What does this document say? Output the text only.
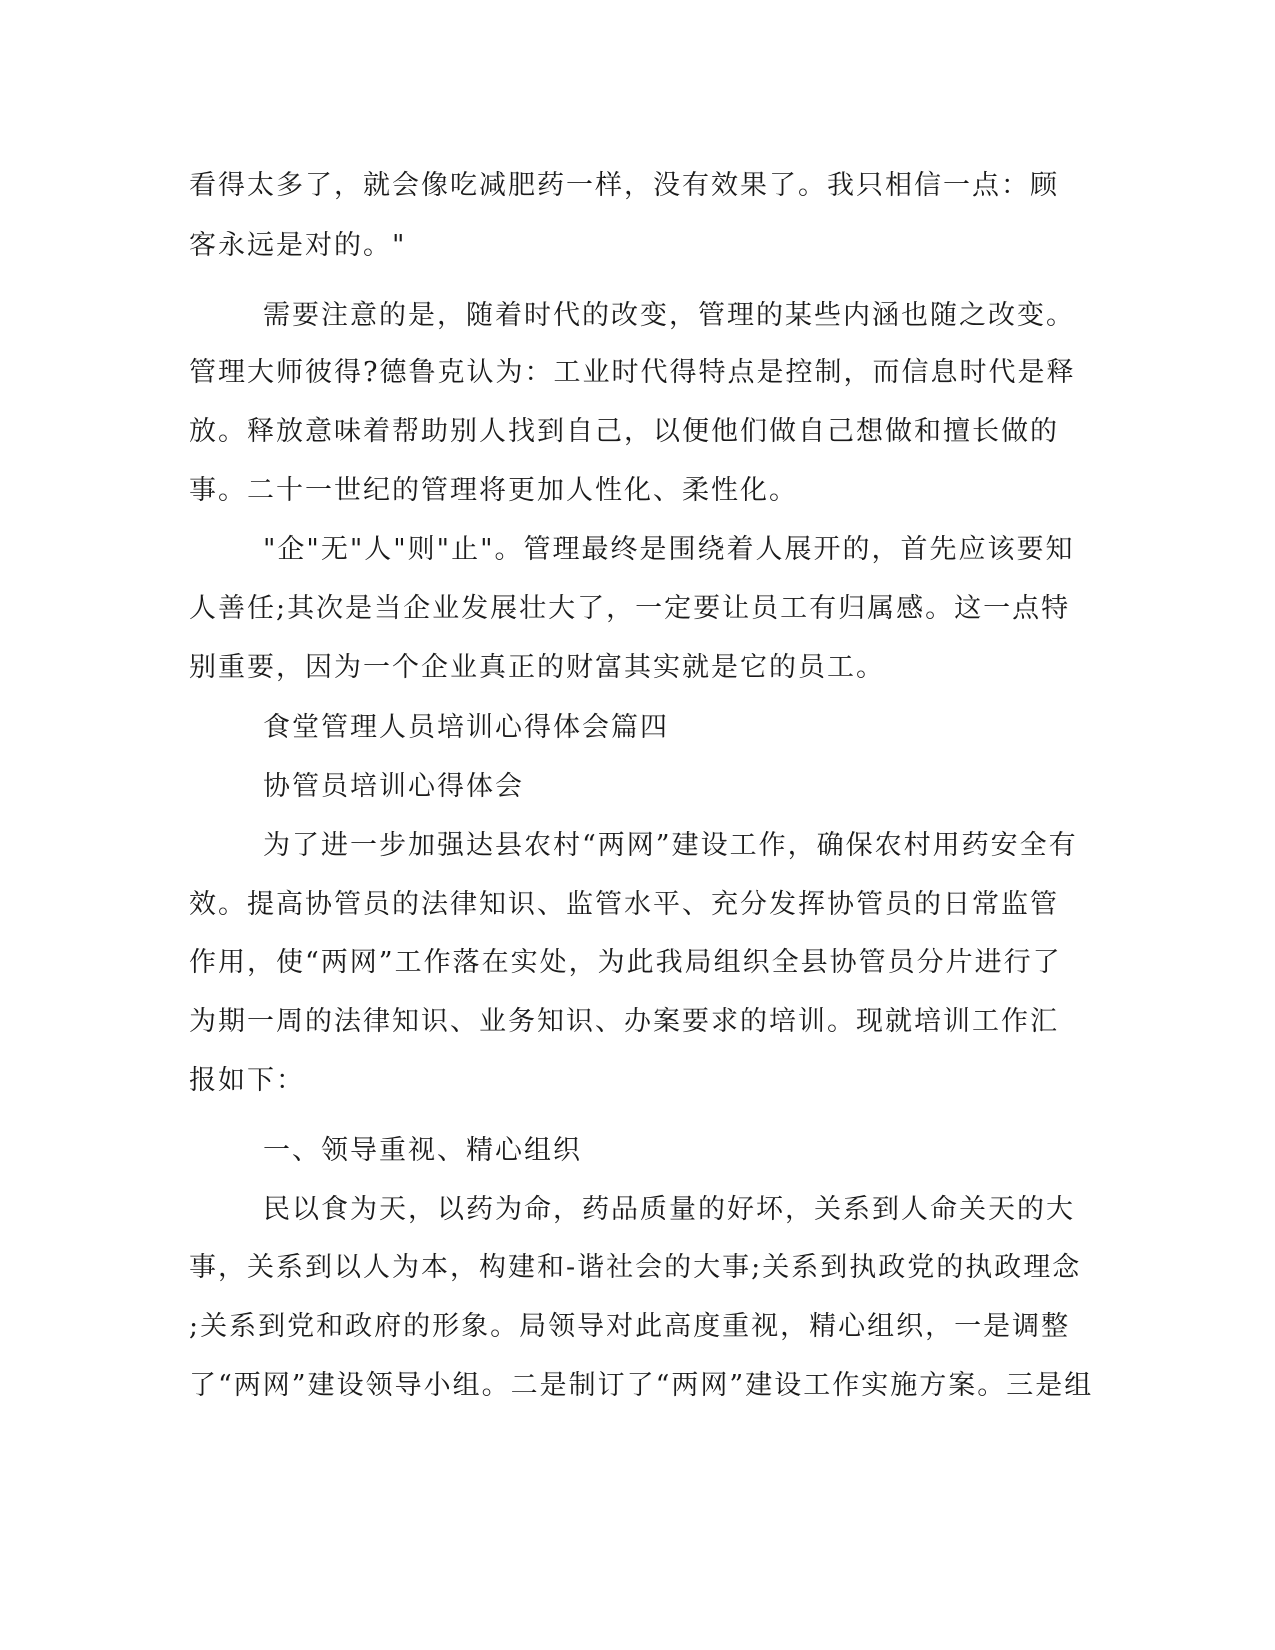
看得太多了，就会像吃减肥药一样，没有效果了。我只相信一点：顾
客永远是对的。"
需要注意的是，随着时代的改变，管理的某些内涵也随之改变。
管理大师彼得?德鲁克认为：工业时代得特点是控制，而信息时代是释
放。释放意味着帮助别人找到自己，以便他们做自己想做和擅长做的
事。二十一世纪的管理将更加人性化、柔性化。
"企"无"人"则"止"。管理最终是围绕着人展开的，首先应该要知
人善任;其次是当企业发展壮大了，一定要让员工有归属感。这一点特
别重要，因为一个企业真正的财富其实就是它的员工。
食堂管理人员培训心得体会篇四
协管员培训心得体会
为了进一步加强达县农村“两网”建设工作，确保农村用药安全有
效。提高协管员的法律知识、监管水平、充分发挥协管员的日常监管
作用，使“两网”工作落在实处，为此我局组织全县协管员分片进行了
为期一周的法律知识、业务知识、办案要求的培训。现就培训工作汇
报如下：
一、领导重视、精心组织
民以食为天，以药为命，药品质量的好坏，关系到人命关天的大
事，关系到以人为本，构建和-谐社会的大事;关系到执政党的执政理念
;关系到党和政府的形象。局领导对此高度重视，精心组织，一是调整
了“两网”建设领导小组。二是制订了“两网”建设工作实施方案。三是组
